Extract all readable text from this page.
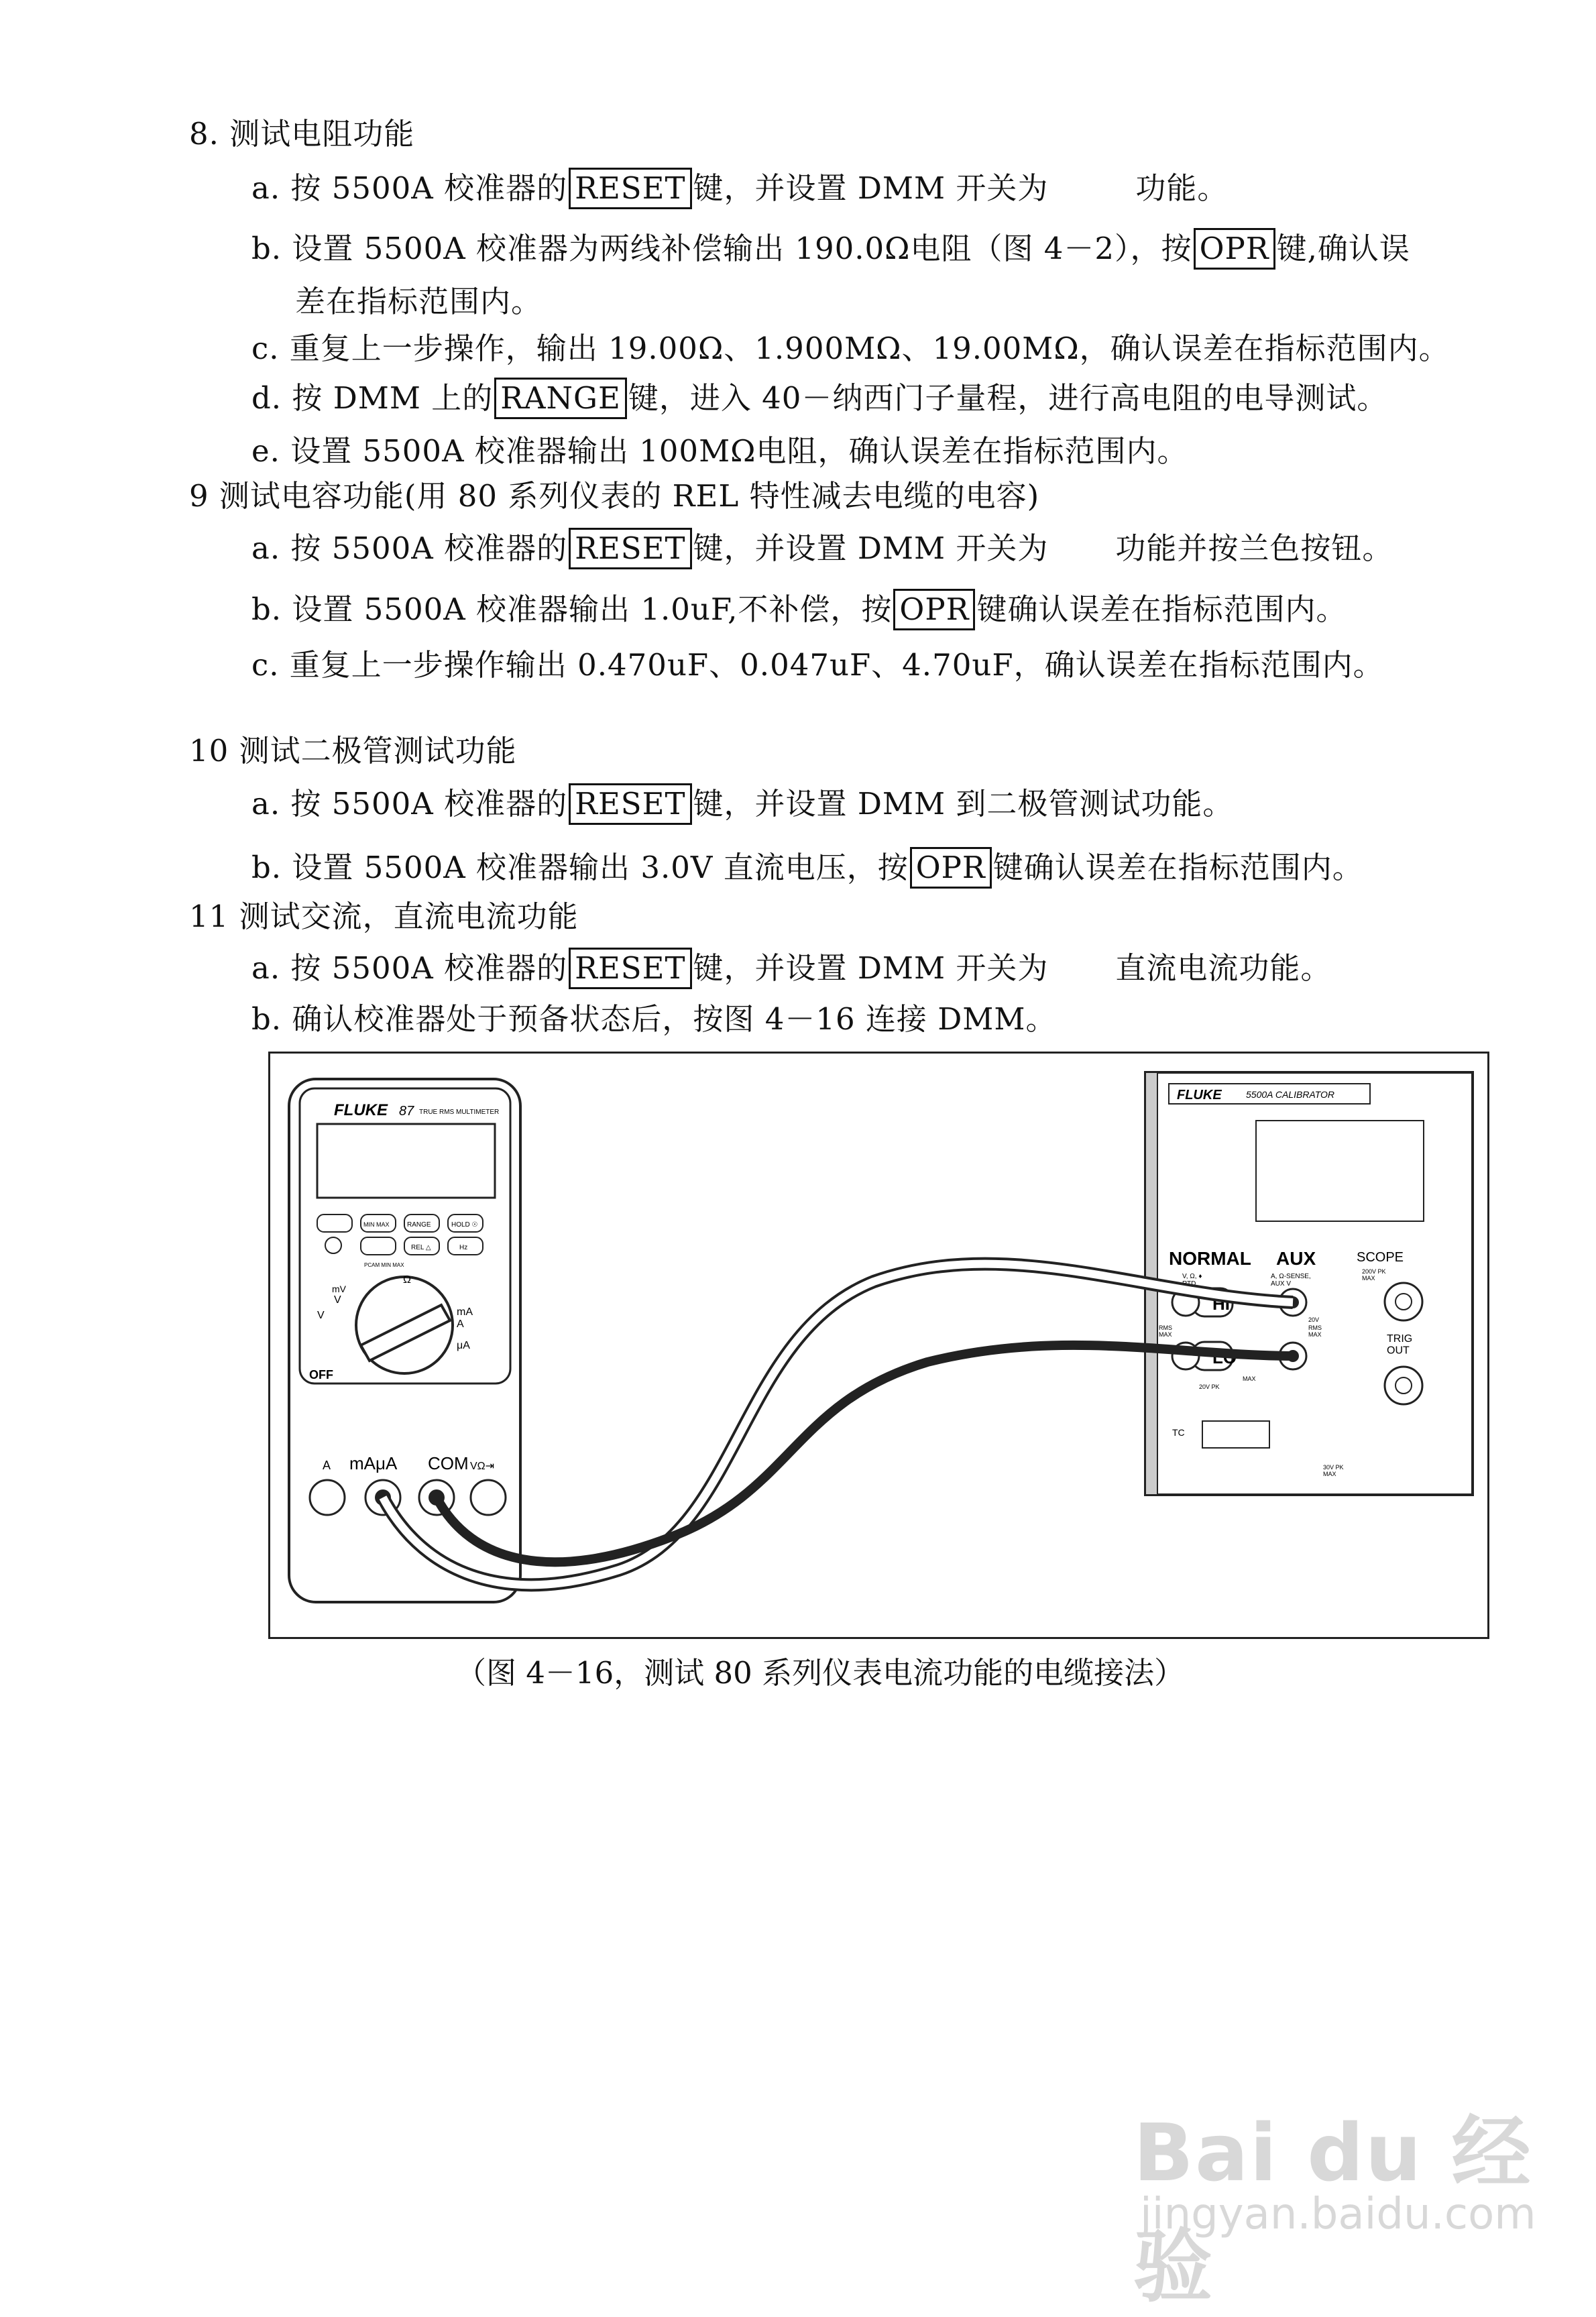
8. 测试电阻功能
a. 按 5500A 校准器的 RESET 键，并设置 DMM 开关为	功能。
b. 设置 5500A 校准器为两线补偿输出 190.0Ω电阻（图 4－2），按 OPR 键,确认误
差在指标范围内。
c. 重复上一步操作，输出 19.00Ω、1.900MΩ、19.00MΩ，确认误差在指标范围内。
d. 按 DMM 上的 RANGE 键，进入 40－纳西门子量程，进行高电阻的电导测试。
e. 设置 5500A 校准器输出 100MΩ电阻，确认误差在指标范围内。
9 测试电容功能(用 80 系列仪表的 REL 特性减去电缆的电容)
a. 按 5500A 校准器的 RESET 键，并设置 DMM 开关为 功能并按兰色按钮。
b. 设置 5500A 校准器输出 1.0uF,不补偿，按 OPR 键确认误差在指标范围内。
c. 重复上一步操作输出 0.470uF、0.047uF、4.70uF，确认误差在指标范围内。
10 测试二极管测试功能
a. 按 5500A 校准器的 RESET 键，并设置 DMM 到二极管测试功能。
b. 设置 5500A 校准器输出 3.0V 直流电压，按 OPR 键确认误差在指标范围内。
11 测试交流，直流电流功能
a. 按 5500A 校准器的 RESET 键，并设置 DMM 开关为 直流电流功能。
b. 确认校准器处于预备状态后，按图 4－16 连接 DMM。
FLUKE 87 TRUE RMS MULTIMETER
MIN MAX	RANGE	HOLD ☉
REL △	Hz
PCAM MIN MAX
OFF
mV
V
V
Ω
mA
A
μA
A mAμA COM VΩ⇥
FLUKE	5500A CALIBRATOR
NORMAL
V, Ω, ♦ RTD
AUX
A, Ω-SENSE, AUX V
SCOPE
200V PK MAX
HI
LO
RMS MAX
RMS MAX
20V
MAX
20V PK
TRIG OUT
TC
30V PK MAX
（图 4－16，测试 80 系列仪表电流功能的电缆接法）
Bai du 经验
jingyan.baidu.com
